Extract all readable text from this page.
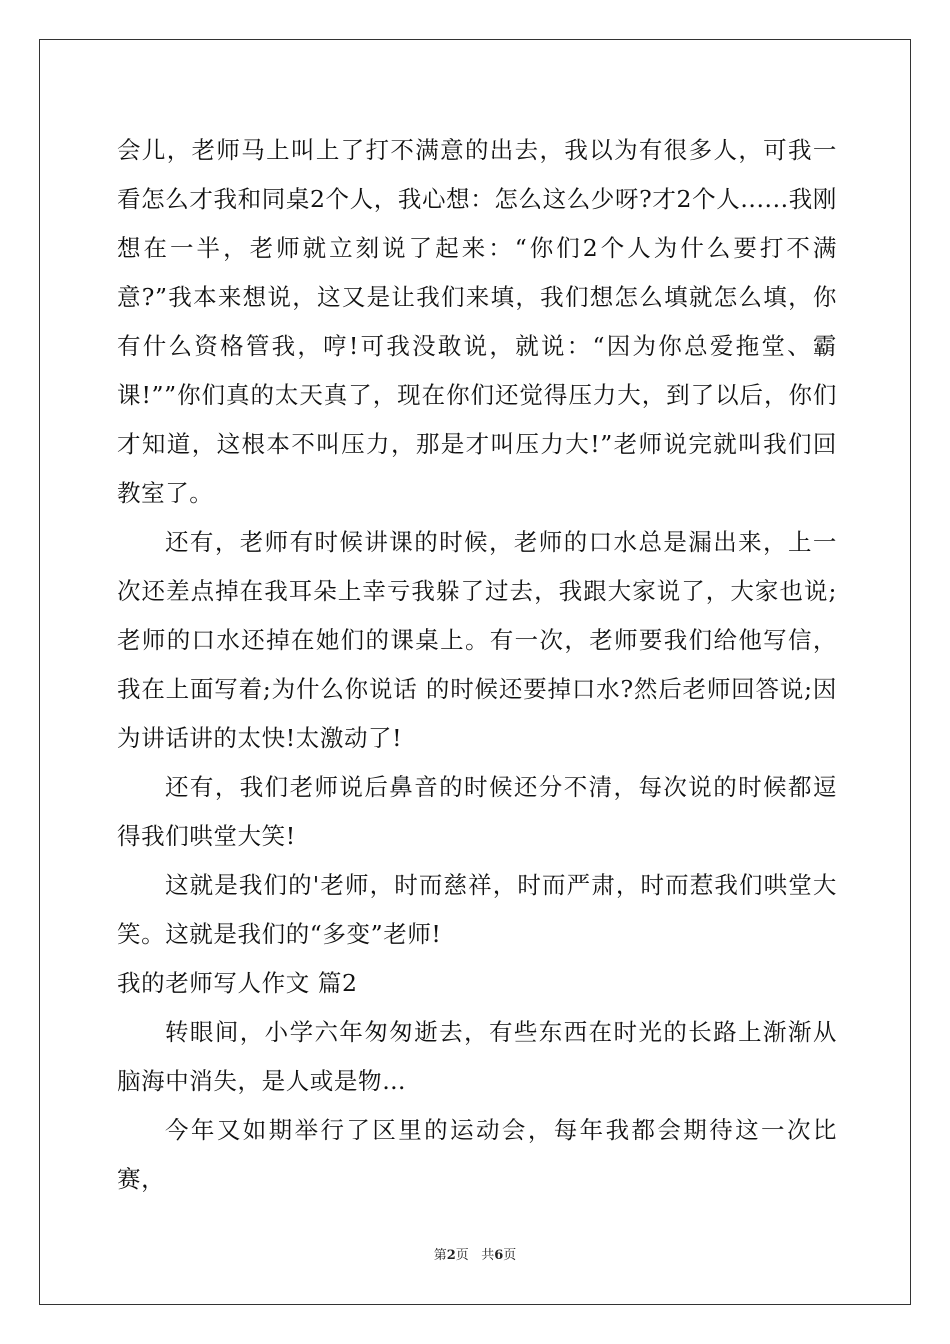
会儿，老师马上叫上了打不满意的出去，我以为有很多人，可我一看怎么才我和同桌2个人，我心想：怎么这么少呀?才2个人......我刚想在一半，老师就立刻说了起来：“你们2个人为什么要打不满意?”我本来想说，这又是让我们来填，我们想怎么填就怎么填，你有什么资格管我，哼!可我没敢说，就说：“因为你总爱拖堂、霸课!””你们真的太天真了，现在你们还觉得压力大，到了以后，你们才知道，这根本不叫压力，那是才叫压力大!”老师说完就叫我们回教室了。

还有，老师有时候讲课的时候，老师的口水总是漏出来，上一次还差点掉在我耳朵上幸亏我躲了过去，我跟大家说了，大家也说;老师的口水还掉在她们的课桌上。有一次，老师要我们给他写信，我在上面写着;为什么你说话 的时候还要掉口水?然后老师回答说;因为讲话讲的太快!太激动了!

还有，我们老师说后鼻音的时候还分不清，每次说的时候都逗得我们哄堂大笑!

这就是我们的'老师，时而慈祥，时而严肃，时而惹我们哄堂大笑。这就是我们的“多变”老师!

我的老师写人作文 篇2

转眼间，小学六年匆匆逝去，有些东西在时光的长路上渐渐从脑海中消失，是人或是物…

今年又如期举行了区里的运动会，每年我都会期待这一次比赛，

第2页 共6页
